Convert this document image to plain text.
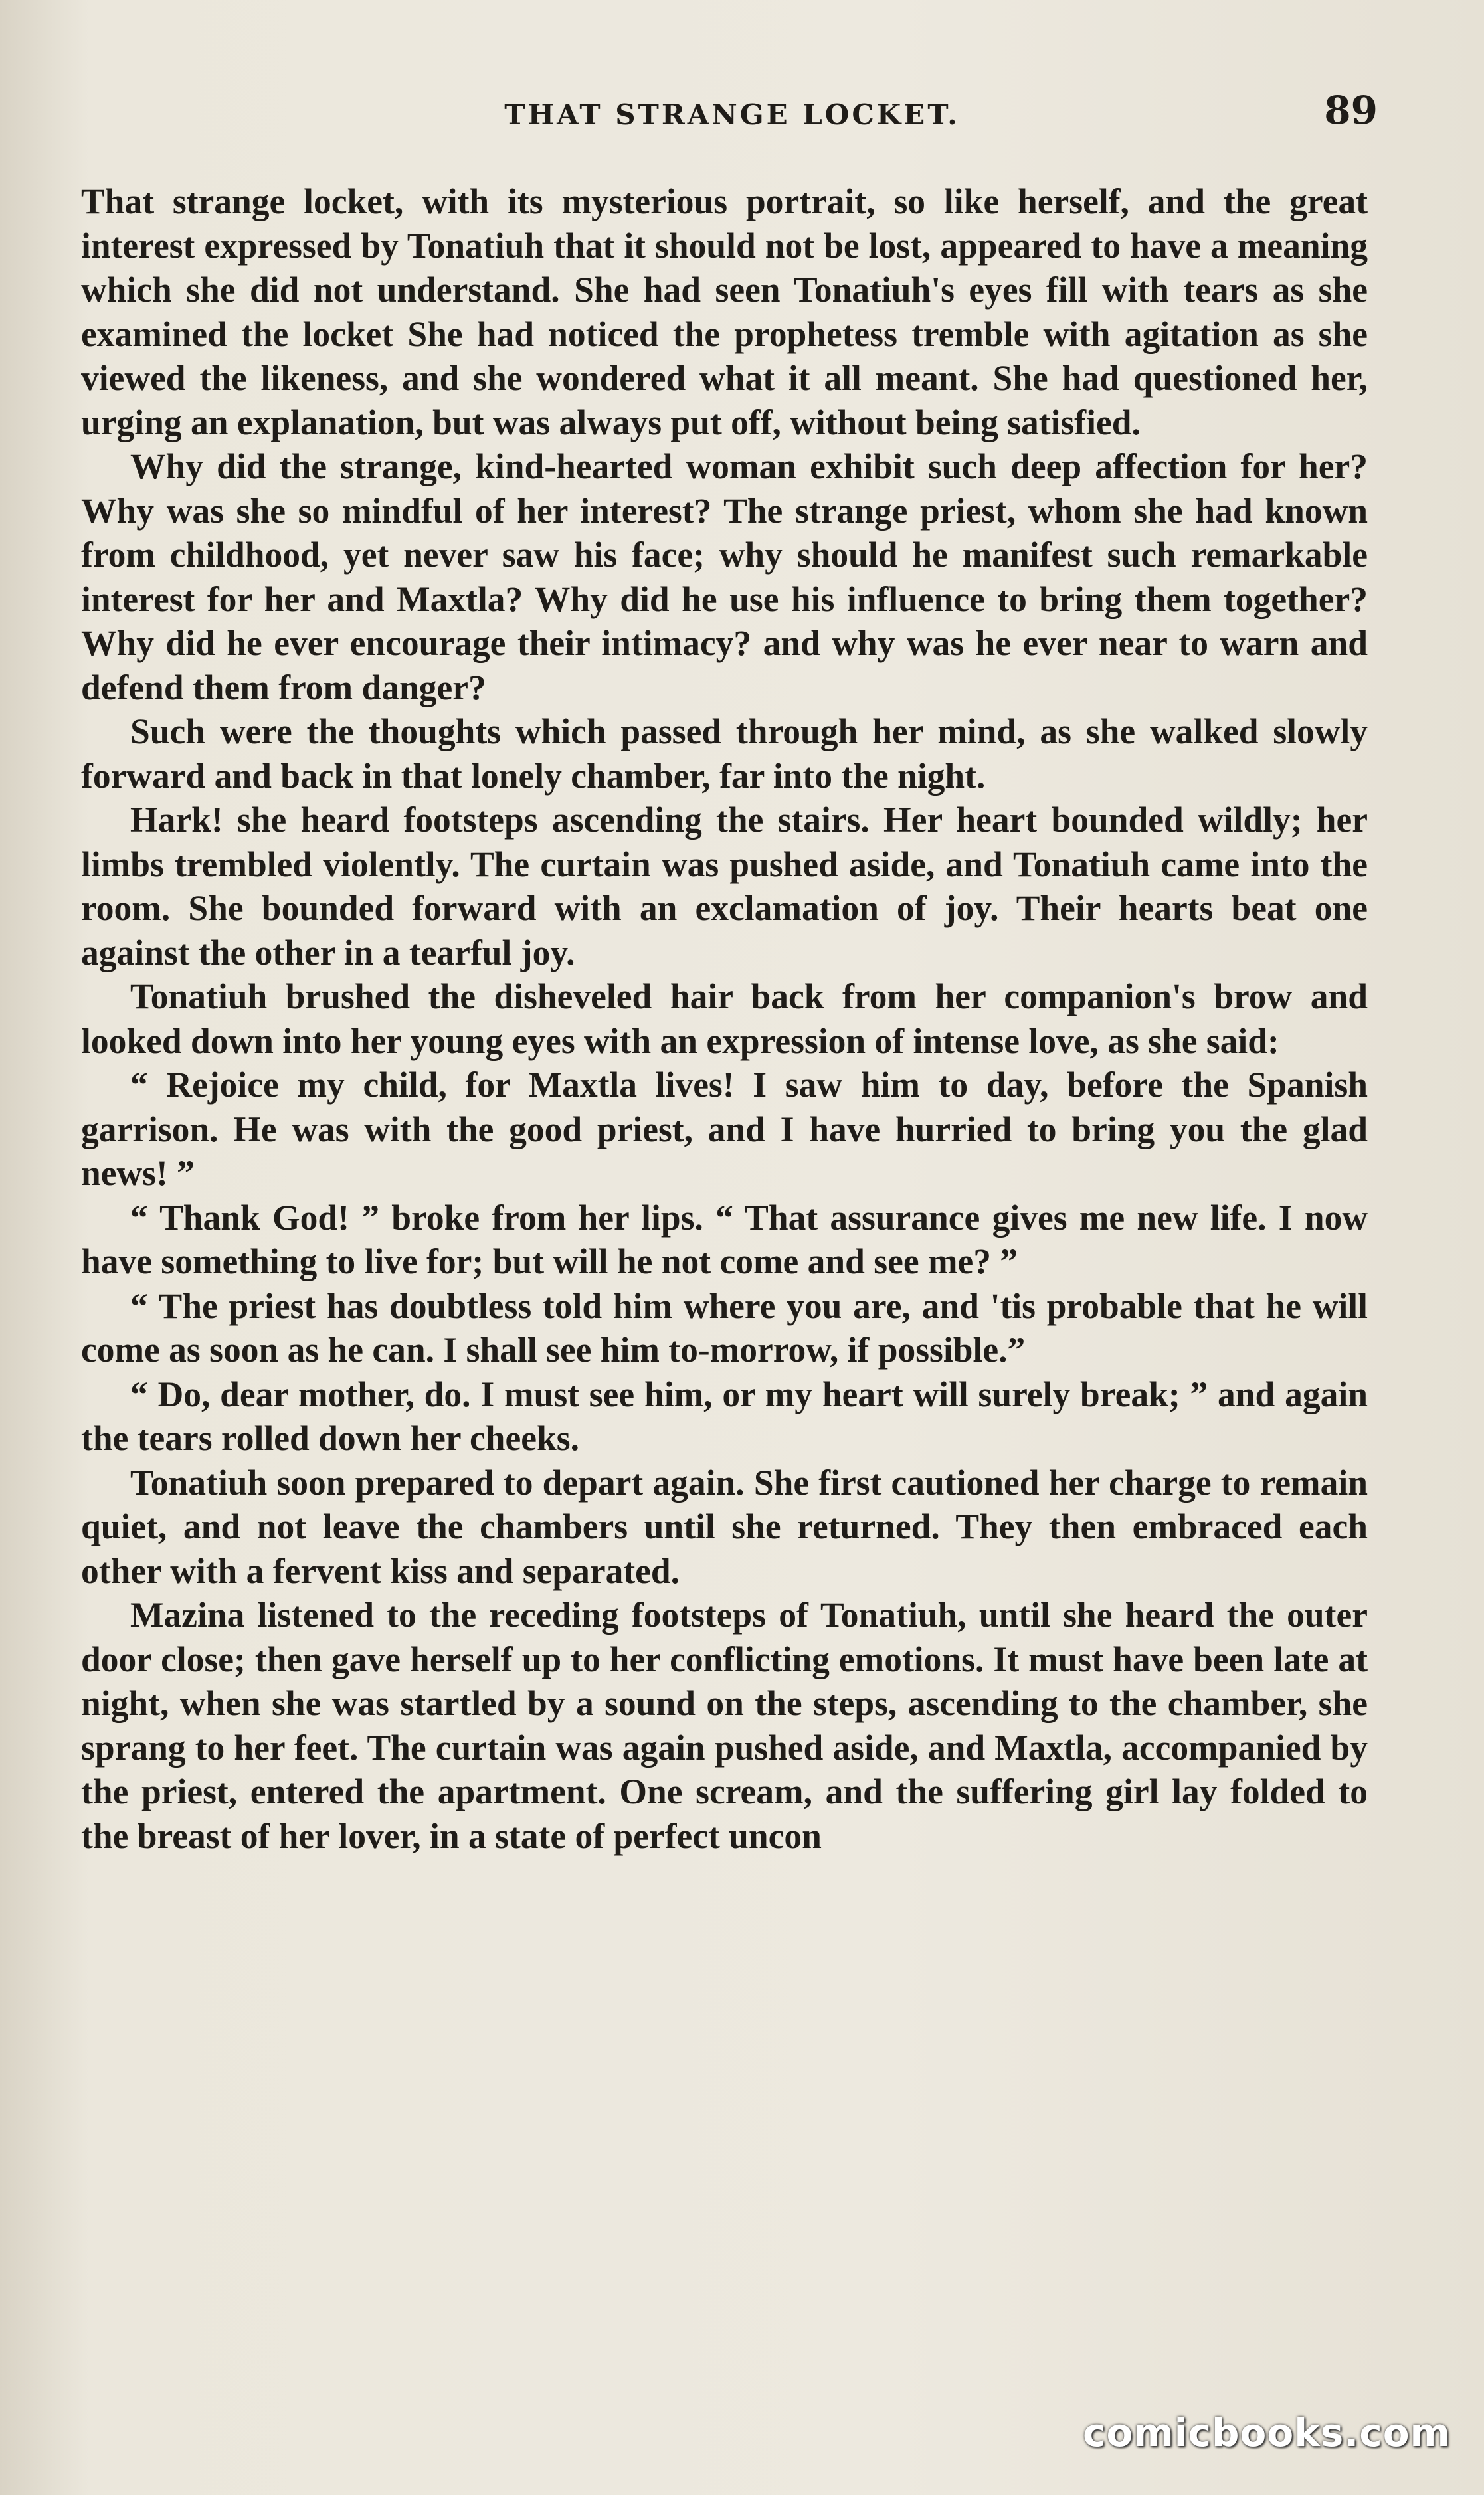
THAT STRANGE LOCKET.	89

That strange locket, with its mysterious portrait, so like herself, and the great interest expressed by Tonatiuh that it should not be lost, appeared to have a meaning which she did not understand. She had seen Tonatiuh's eyes fill with tears as she examined the locket She had noticed the prophetess tremble with agitation as she viewed the likeness, and she wondered what it all meant. She had questioned her, urging an explanation, but was always put off, without being satisfied.

Why did the strange, kind-hearted woman exhibit such deep affection for her? Why was she so mindful of her interest? The strange priest, whom she had known from childhood, yet never saw his face; why should he manifest such remarkable interest for her and Maxtla? Why did he use his influence to bring them together? Why did he ever encourage their intimacy? and why was he ever near to warn and defend them from danger?

Such were the thoughts which passed through her mind, as she walked slowly forward and back in that lonely chamber, far into the night.

Hark! she heard footsteps ascending the stairs. Her heart bounded wildly; her limbs trembled violently. The curtain was pushed aside, and Tonatiuh came into the room. She bounded forward with an exclamation of joy. Their hearts beat one against the other in a tearful joy.

Tonatiuh brushed the disheveled hair back from her companion's brow and looked down into her young eyes with an expression of intense love, as she said:

“ Rejoice my child, for Maxtla lives! I saw him to day, before the Spanish garrison. He was with the good priest, and I have hurried to bring you the glad news! ”

“ Thank God! ” broke from her lips. “ That assurance gives me new life. I now have something to live for; but will he not come and see me? ”

“ The priest has doubtless told him where you are, and 'tis probable that he will come as soon as he can. I shall see him to-morrow, if possible.”

“ Do, dear mother, do. I must see him, or my heart will surely break; ” and again the tears rolled down her cheeks.

Tonatiuh soon prepared to depart again. She first cautioned her charge to remain quiet, and not leave the chambers until she returned. They then embraced each other with a fervent kiss and separated.

Mazina listened to the receding footsteps of Tonatiuh, until she heard the outer door close; then gave herself up to her conflicting emotions. It must have been late at night, when she was startled by a sound on the steps, ascending to the chamber, she sprang to her feet. The curtain was again pushed aside, and Maxtla, accompanied by the priest, entered the apartment. One scream, and the suffering girl lay folded to the breast of her lover, in a state of perfect uncon

comicbooks.com
